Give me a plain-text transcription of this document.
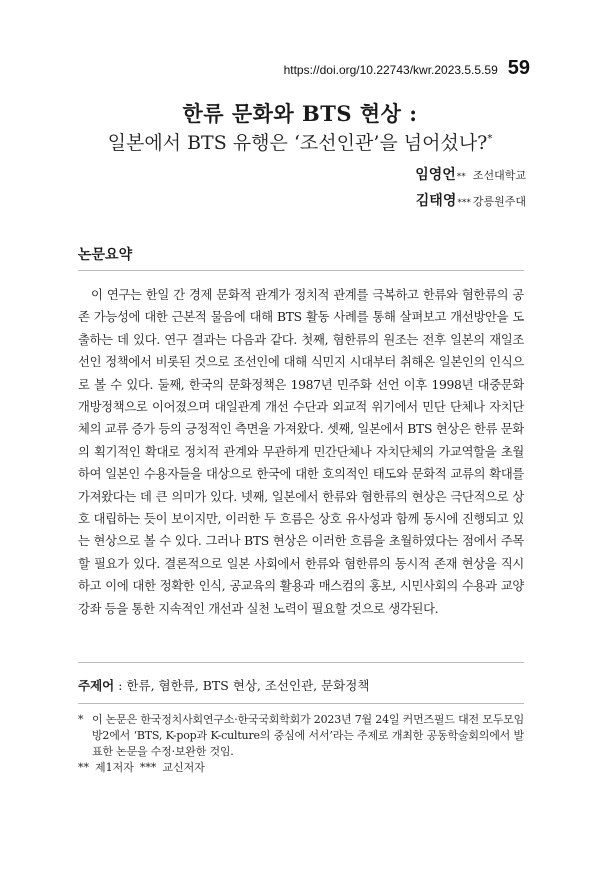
https://doi.org/10.22743/kwr.2023.5.5.59 59
한류 문화와 BTS 현상 :
일본에서 BTS 유행은 ‘조선인관’을 넘어섰나?*
임영언** 조선대학교
김태영*** 강릉원주대
논문요약

이 연구는 한일 간 경제 문화적 관계가 정치적 관계를 극복하고 한류와 혐한류의 공존 가능성에 대한 근본적 물음에 대해 BTS 활동 사례를 통해 살펴보고 개선방안을 도출하는 데 있다. 연구 결과는 다음과 같다. 첫째, 혐한류의 원조는 전후 일본의 재일조선인 정책에서 비롯된 것으로 조선인에 대해 식민지 시대부터 취해온 일본인의 인식으로 볼 수 있다. 둘째, 한국의 문화정책은 1987년 민주화 선언 이후 1998년 대중문화개방정책으로 이어졌으며 대일관계 개선 수단과 외교적 위기에서 민단 단체나 자치단체의 교류 증가 등의 긍정적인 측면을 가져왔다. 셋째, 일본에서 BTS 현상은 한류 문화의 획기적인 확대로 정치적 관계와 무관하게 민간단체나 자치단체의 가교역할을 초월하여 일본인 수용자들을 대상으로 한국에 대한 호의적인 태도와 문화적 교류의 확대를 가져왔다는 데 큰 의미가 있다. 넷째, 일본에서 한류와 혐한류의 현상은 극단적으로 상호 대립하는 듯이 보이지만, 이러한 두 흐름은 상호 유사성과 함께 동시에 진행되고 있는 현상으로 볼 수 있다. 그러나 BTS 현상은 이러한 흐름을 초월하였다는 점에서 주목할 필요가 있다. 결론적으로 일본 사회에서 한류와 혐한류의 동시적 존재 현상을 직시하고 이에 대한 정확한 인식, 공교육의 활용과 매스컴의 홍보, 시민사회의 수용과 교양강좌 등을 통한 지속적인 개선과 실천 노력이 필요할 것으로 생각된다.

주제어 : 한류, 혐한류, BTS 현상, 조선인관, 문화정책
* 이 논문은 한국정치사회연구소·한국국회학회가 2023년 7월 24일 커먼즈필드 대전 모두모임방2에서 ‘BTS, K-pop과 K-culture의 중심에 서서’라는 주제로 개최한 공동학술회의에서 발표한 논문을 수정·보완한 것임.
** 제1저자 *** 교신저자
